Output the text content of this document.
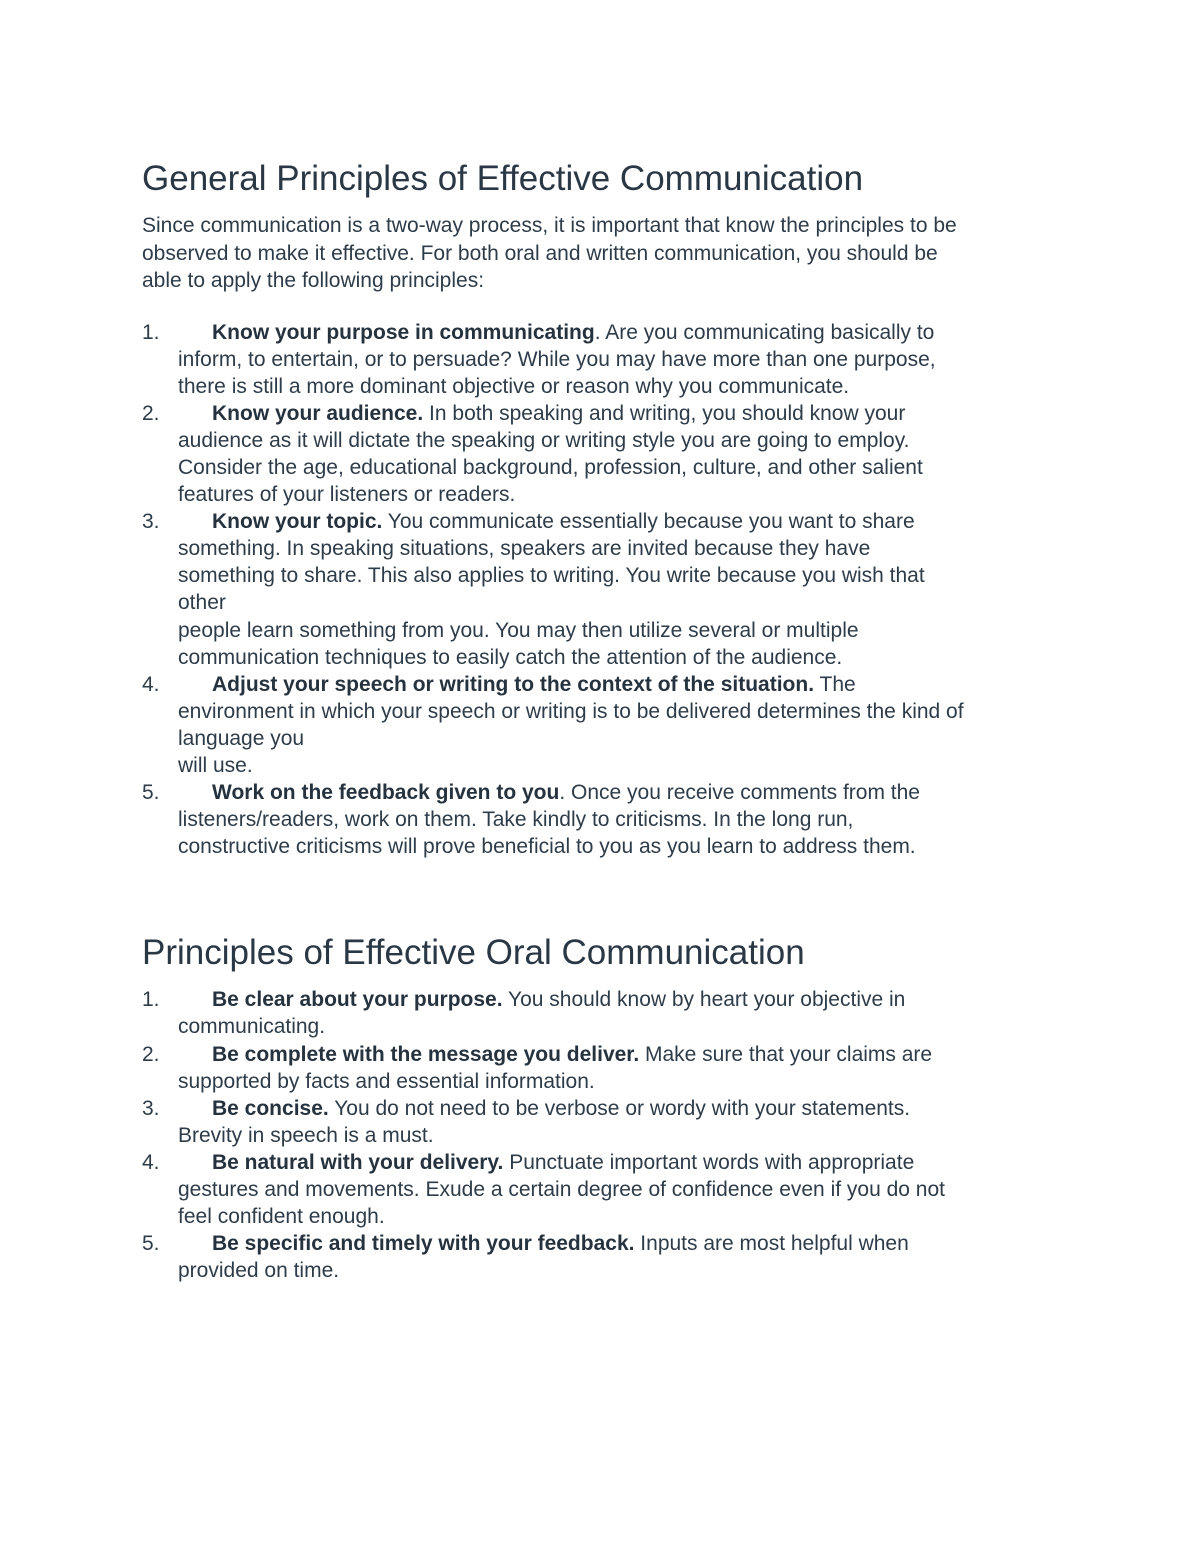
General Principles of Effective Communication

Since communication is a two-way process, it is important that know the principles to be
observed to make it effective. For both oral and written communication, you should be
able to apply the following principles:

1.	Know your purpose in communicating. Are you communicating basically to
inform, to entertain, or to persuade? While you may have more than one purpose,
there is still a more dominant objective or reason why you communicate.
2.	Know your audience. In both speaking and writing, you should know your
audience as it will dictate the speaking or writing style you are going to employ.
Consider the age, educational background, profession, culture, and other salient
features of your listeners or readers.
3.	Know your topic. You communicate essentially because you want to share
something. In speaking situations, speakers are invited because they have
something to share. This also applies to writing. You write because you wish that
other
people learn something from you. You may then utilize several or multiple
communication techniques to easily catch the attention of the audience.
4.	Adjust your speech or writing to the context of the situation. The
environment in which your speech or writing is to be delivered determines the kind of
language you
will use.
5.	Work on the feedback given to you. Once you receive comments from the
listeners/readers, work on them. Take kindly to criticisms. In the long run,
constructive criticisms will prove beneficial to you as you learn to address them.
Principles of Effective Oral Communication
1.	Be clear about your purpose. You should know by heart your objective in
communicating.
2.	Be complete with the message you deliver. Make sure that your claims are
supported by facts and essential information.
3.	Be concise. You do not need to be verbose or wordy with your statements.
Brevity in speech is a must.
4.	Be natural with your delivery. Punctuate important words with appropriate
gestures and movements. Exude a certain degree of confidence even if you do not
feel confident enough.
5.	Be specific and timely with your feedback. Inputs are most helpful when
provided on time.
